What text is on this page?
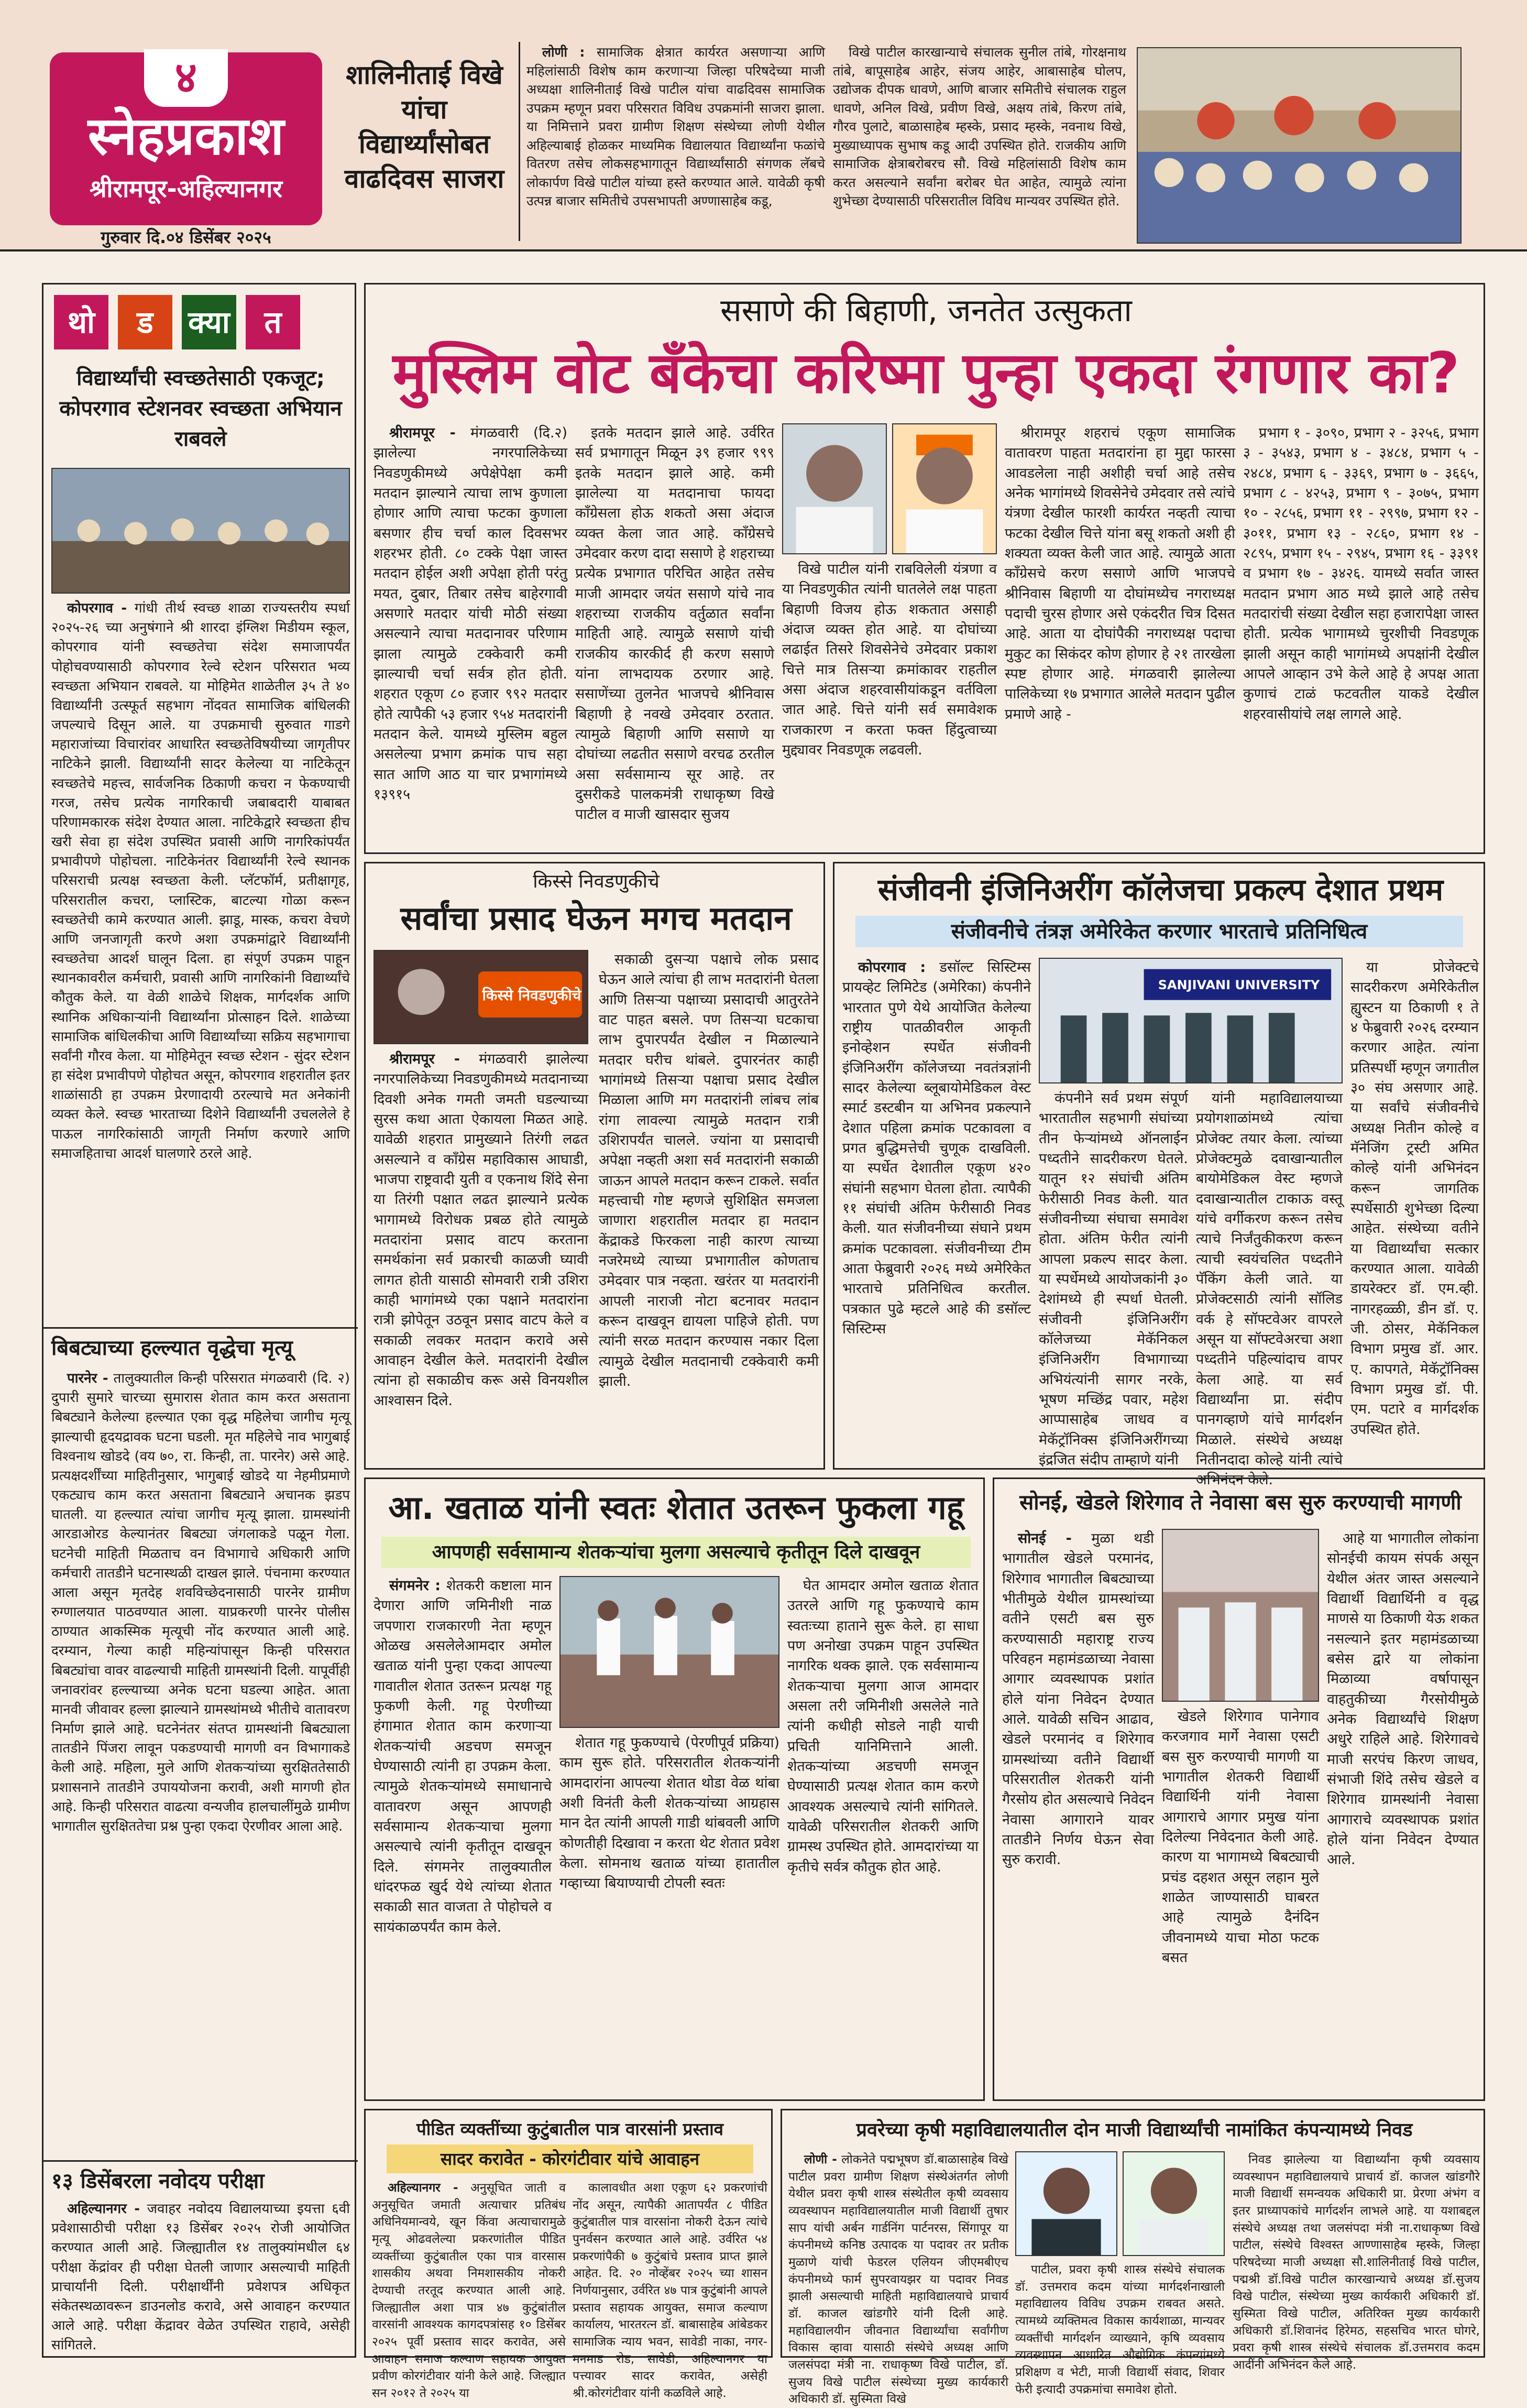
४
स्नेहप्रकाश
श्रीरामपूर-अहिल्यानगर
गुरुवार दि.०४ डिसेंबर २०२५
शालिनीताई विखे यांचा विद्यार्थ्यांसोबत वाढदिवस साजरा

लोणी : सामाजिक क्षेत्रात कार्यरत असणाऱ्या आणि महिलांसाठी विशेष काम करणाऱ्या जिल्हा परिषदेच्या माजी अध्यक्षा शालिनीताई विखे पाटील यांचा वाढदिवस सामाजिक उपक्रम म्हणून प्रवरा परिसरात विविध उपक्रमांनी साजरा झाला. या निमित्ताने प्रवरा ग्रामीण शिक्षण संस्थेच्या लोणी येथील अहिल्याबाई होळकर माध्यमिक विद्यालयात विद्यार्थ्यांना फळांचे वितरण तसेच लोकसहभागातून विद्यार्थ्यांसाठी संगणक लॅबचे लोकार्पण विखे पाटील यांच्या हस्ते करण्यात आले. यावेळी कृषी उत्पन्न बाजार समितीचे उपसभापती अण्णासाहेब कडू,

विखे पाटील कारखान्याचे संचालक सुनील तांबे, गोरक्षनाथ तांबे, बापूसाहेब आहेर, संजय आहेर, आबासाहेब घोलप, उद्योजक दीपक धावणे, आणि बाजार समितीचे संचालक राहुल धावणे, अनिल विखे, प्रवीण विखे, अक्षय तांबे, किरण तांबे, गौरव पुलाटे, बाळासाहेब म्हस्के, प्रसाद म्हस्के, नवनाथ विखे, मुख्याध्यापक सुभाष कडू आदी उपस्थित होते. राजकीय आणि सामाजिक क्षेत्राबरोबरच सौ. विखे महिलांसाठी विशेष काम करत असल्याने सर्वांना बरोबर घेत आहेत, त्यामुळे त्यांना शुभेच्छा देण्यासाठी परिसरातील विविध मान्यवर उपस्थित होते.

थो ड क्या त
विद्यार्थ्यांची स्वच्छतेसाठी एकजूट; कोपरगाव स्टेशनवर स्वच्छता अभियान राबवले

कोपरगाव - गांधी तीर्थ स्वच्छ शाळा राज्यस्तरीय स्पर्धा २०२५-२६ च्या अनुषंगाने श्री शारदा इंग्लिश मिडीयम स्कूल, कोपरगाव यांनी स्वच्छतेचा संदेश समाजापर्यंत पोहोचवण्यासाठी कोपरगाव रेल्वे स्टेशन परिसरात भव्य स्वच्छता अभियान राबवले. या मोहिमेत शाळेतील ३५ ते ४० विद्यार्थ्यांनी उत्स्फूर्त सहभाग नोंदवत सामाजिक बांधिलकी जपल्याचे दिसून आले. या उपक्रमाची सुरुवात गाडगे महाराजांच्या विचारांवर आधारित स्वच्छतेविषयीच्या जागृतीपर नाटिकेने झाली. विद्यार्थ्यांनी सादर केलेल्या या नाटिकेतून स्वच्छतेचे महत्त्व, सार्वजनिक ठिकाणी कचरा न फेकण्याची गरज, तसेच प्रत्येक नागरिकाची जबाबदारी याबाबत परिणामकारक संदेश देण्यात आला. नाटिकेद्वारे स्वच्छता हीच खरी सेवा हा संदेश उपस्थित प्रवासी आणि नागरिकांपर्यंत प्रभावीपणे पोहोचला. नाटिकेनंतर विद्यार्थ्यांनी रेल्वे स्थानक परिसराची प्रत्यक्ष स्वच्छता केली. प्लॅटफॉर्म, प्रतीक्षागृह, परिसरातील कचरा, प्लास्टिक, बाटल्या गोळा करून स्वच्छतेची कामे करण्यात आली. झाडू, मास्क, कचरा वेचणे आणि जनजागृती करणे अशा उपक्रमांद्वारे विद्यार्थ्यांनी स्वच्छतेचा आदर्श घालून दिला. हा संपूर्ण उपक्रम पाहून स्थानकावरील कर्मचारी, प्रवासी आणि नागरिकांनी विद्यार्थ्यांचे कौतुक केले. या वेळी शाळेचे शिक्षक, मार्गदर्शक आणि स्थानिक अधिकाऱ्यांनी विद्यार्थ्यांना प्रोत्साहन दिले. शाळेच्या सामाजिक बांधिलकीचा आणि विद्यार्थ्यांच्या सक्रिय सहभागाचा सर्वांनी गौरव केला. या मोहिमेतून स्वच्छ स्टेशन - सुंदर स्टेशन हा संदेश प्रभावीपणे पोहोचत असून, कोपरगाव शहरातील इतर शाळांसाठी हा उपक्रम प्रेरणादायी ठरल्याचे मत अनेकांनी व्यक्त केले. स्वच्छ भारताच्या दिशेने विद्यार्थ्यांनी उचललेले हे पाऊल नागरिकांसाठी जागृती निर्माण करणारे आणि समाजहिताचा आदर्श घालणारे ठरले आहे.

बिबट्याच्या हल्ल्यात वृद्धेचा मृत्यू

पारनेर - तालुक्यातील किन्ही परिसरात मंगळवारी (दि. २) दुपारी सुमारे चारच्या सुमारास शेतात काम करत असताना बिबट्याने केलेल्या हल्ल्यात एका वृद्ध महिलेचा जागीच मृत्यू झाल्याची हृदयद्रावक घटना घडली. मृत महिलेचे नाव भागुबाई विश्वनाथ खोडदे (वय ७०, रा. किन्ही, ता. पारनेर) असे आहे. प्रत्यक्षदर्शींच्या माहितीनुसार, भागुबाई खोडदे या नेहमीप्रमाणे एकट्याच काम करत असताना बिबट्याने अचानक झडप घातली. या हल्ल्यात त्यांचा जागीच मृत्यू झाला. ग्रामस्थांनी आरडाओरड केल्यानंतर बिबट्या जंगलाकडे पळून गेला. घटनेची माहिती मिळताच वन विभागाचे अधिकारी आणि कर्मचारी तातडीने घटनास्थळी दाखल झाले. पंचनामा करण्यात आला असून मृतदेह शवविच्छेदनासाठी पारनेर ग्रामीण रुग्णालयात पाठवण्यात आला. याप्रकरणी पारनेर पोलीस ठाण्यात आकस्मिक मृत्यूची नोंद करण्यात आली आहे. दरम्यान, गेल्या काही महिन्यांपासून किन्ही परिसरात बिबट्यांचा वावर वाढल्याची माहिती ग्रामस्थांनी दिली. यापूर्वीही जनावरांवर हल्ल्याच्या अनेक घटना घडल्या आहेत. आता मानवी जीवावर हल्ला झाल्याने ग्रामस्थांमध्ये भीतीचे वातावरण निर्माण झाले आहे. घटनेनंतर संतप्त ग्रामस्थांनी बिबट्याला तातडीने पिंजरा लावून पकडण्याची मागणी वन विभागाकडे केली आहे. महिला, मुले आणि शेतकऱ्यांच्या सुरक्षिततेसाठी प्रशासनाने तातडीने उपाययोजना करावी, अशी मागणी होत आहे. किन्ही परिसरात वाढत्या वन्यजीव हालचालींमुळे ग्रामीण भागातील सुरक्षिततेचा प्रश्न पुन्हा एकदा ऐरणीवर आला आहे.

१३ डिसेंबरला नवोदय परीक्षा

अहिल्यानगर - जवाहर नवोदय विद्यालयाच्या इयत्ता ६वी प्रवेशासाठीची परीक्षा १३ डिसेंबर २०२५ रोजी आयोजित करण्यात आली आहे. जिल्ह्यातील १४ तालुक्यांमधील ६४ परीक्षा केंद्रांवर ही परीक्षा घेतली जाणार असल्याची माहिती प्राचार्यांनी दिली. परीक्षार्थींनी प्रवेशपत्र अधिकृत संकेतस्थळावरून डाउनलोड करावे, असे आवाहन करण्यात आले आहे. परीक्षा केंद्रावर वेळेत उपस्थित राहावे, असेही सांगितले.

ससाणे की बिहाणी, जनतेत उत्सुकता
मुस्लिम वोट बँकेचा करिष्मा पुन्हा एकदा रंगणार का?

श्रीरामपूर - मंगळवारी (दि.२) झालेल्या नगरपालिकेच्या निवडणुकीमध्ये अपेक्षेपेक्षा कमी मतदान झाल्याने त्याचा लाभ कुणाला होणार आणि त्याचा फटका कुणाला बसणार हीच चर्चा काल दिवसभर शहरभर होती. ८० टक्के पेक्षा जास्त मतदान होईल अशी अपेक्षा होती परंतु मयत, दुबार, तिबार तसेच बाहेरगावी असणारे मतदार यांची मोठी संख्या असल्याने त्याचा मतदानावर परिणाम झाला त्यामुळे टक्केवारी कमी झाल्याची चर्चा सर्वत्र होत होती. शहरात एकूण ८० हजार ९९२ मतदार होते त्यापैकी ५३ हजार ९५४ मतदारांनी मतदान केले. यामध्ये मुस्लिम बहुल असलेल्या प्रभाग क्रमांक पाच सहा सात आणि आठ या चार प्रभागांमध्ये १३९१५

इतके मतदान झाले आहे. उर्वरित सर्व प्रभागातून मिळून ३९ हजार ९९९ इतके मतदान झाले आहे. कमी झालेल्या या मतदानाचा फायदा काँग्रेसला होऊ शकतो असा अंदाज व्यक्त केला जात आहे. काँग्रेसचे उमेदवार करण दादा ससाणे हे शहराच्या प्रत्येक प्रभागात परिचित आहेत तसेच माजी आमदार जयंत ससाणे यांचे नाव शहराच्या राजकीय वर्तुळात सर्वांना माहिती आहे. त्यामुळे ससाणे यांची राजकीय कारकीर्द ही करण ससाणे यांना लाभदायक ठरणार आहे. ससाणेंच्या तुलनेत भाजपचे श्रीनिवास बिहाणी हे नवखे उमेदवार ठरतात. त्यामुळे बिहाणी आणि ससाणे या दोघांच्या लढतीत ससाणे वरचढ ठरतील असा सर्वसामान्य सूर आहे. तर दुसरीकडे पालकमंत्री राधाकृष्ण विखे पाटील व माजी खासदार सुजय

विखे पाटील यांनी राबविलेली यंत्रणा व या निवडणुकीत त्यांनी घातलेले लक्ष पाहता बिहाणी विजय होऊ शकतात असाही अंदाज व्यक्त होत आहे. या दोघांच्या लढाईत तिसरे शिवसेनेचे उमेदवार प्रकाश चित्ते मात्र तिसऱ्या क्रमांकावर राहतील असा अंदाज शहरवासीयांकडून वर्तविला जात आहे. चित्ते यांनी सर्व समावेशक राजकारण न करता फक्त हिंदुत्वाच्या मुद्द्यावर निवडणूक लढवली.

श्रीरामपूर शहराचं एकूण सामाजिक वातावरण पाहता मतदारांना हा मुद्दा फारसा आवडलेला नाही अशीही चर्चा आहे तसेच अनेक भागांमध्ये शिवसेनेचे उमेदवार तसे त्यांचे यंत्रणा देखील फारशी कार्यरत नव्हती त्याचा फटका देखील चित्ते यांना बसू शकतो अशी ही शक्यता व्यक्त केली जात आहे. त्यामुळे आता काँग्रेसचे करण ससाणे आणि भाजपचे श्रीनिवास बिहाणी या दोघांमध्येच नगराध्यक्ष पदाची चुरस होणार असे एकंदरीत चित्र दिसत आहे. आता या दोघांपैकी नगराध्यक्ष पदाचा मुकुट का सिकंदर कोण होणार हे २१ तारखेला स्पष्ट होणार आहे. मंगळवारी झालेल्या पालिकेच्या १७ प्रभागात आलेले मतदान पुढील प्रमाणे आहे -

प्रभाग १ - ३०९०, प्रभाग २ - ३२५६, प्रभाग ३ - ३५४३, प्रभाग ४ - ३४८४, प्रभाग ५ - २४८४, प्रभाग ६ - ३३६९, प्रभाग ७ - ३६६५, प्रभाग ८ - ४२५३, प्रभाग ९ - ३०७५, प्रभाग १० - २८५६, प्रभाग ११ - २९९७, प्रभाग १२ - ३०११, प्रभाग १३ - २८६०, प्रभाग १४ - २८९५, प्रभाग १५ - २९४५, प्रभाग १६ - ३३९१ व प्रभाग १७ - ३४२६. यामध्ये सर्वात जास्त मतदान प्रभाग आठ मध्ये झाले आहे तसेच मतदारांची संख्या देखील सहा हजारापेक्षा जास्त होती. प्रत्येक भागामध्ये चुरशीची निवडणूक झाली असून काही भागांमध्ये अपक्षांनी देखील आपले आव्हान उभे केले आहे हे अपक्ष आता कुणाचं टाळं फटवतील याकडे देखील शहरवासीयांचे लक्ष लागले आहे.

किस्से निवडणुकीचे
सर्वांचा प्रसाद घेऊन मगच मतदान
किस्से निवडणुकीचे

श्रीरामपूर - मंगळवारी झालेल्या नगरपालिकेच्या निवडणुकीमध्ये मतदानाच्या दिवशी अनेक गमती जमती घडल्याच्या सुरस कथा आता ऐकायला मिळत आहे. यावेळी शहरात प्रामुख्याने तिरंगी लढत असल्याने व काँग्रेस महाविकास आघाडी, भाजपा राष्ट्रवादी युती व एकनाथ शिंदे सेना या तिरंगी पक्षात लढत झाल्याने प्रत्येक भागामध्ये विरोधक प्रबळ होते त्यामुळे मतदारांना प्रसाद वाटप करताना समर्थकांना सर्व प्रकारची काळजी घ्यावी लागत होती यासाठी सोमवारी रात्री उशिरा काही भागांमध्ये एका पक्षाने मतदारांना रात्री झोपेतून उठवून प्रसाद वाटप केले व सकाळी लवकर मतदान करावे असे आवाहन देखील केले. मतदारांनी देखील त्यांना हो सकाळीच करू असे विनयशील आश्वासन दिले.

सकाळी दुसऱ्या पक्षाचे लोक प्रसाद घेऊन आले त्यांचा ही लाभ मतदारांनी घेतला आणि तिसऱ्या पक्षाच्या प्रसादाची आतुरतेने वाट पाहत बसले. पण तिसऱ्या घटकाचा लाभ दुपारपर्यंत देखील न मिळाल्याने मतदार घरीच थांबले. दुपारनंतर काही भागांमध्ये तिसऱ्या पक्षाचा प्रसाद देखील मिळाला आणि मग मतदारांनी लांबच लांब रांगा लावल्या त्यामुळे मतदान रात्री उशिरापर्यंत चालले. ज्यांना या प्रसादाची अपेक्षा नव्हती अशा सर्व मतदारांनी सकाळी जाऊन आपले मतदान करून टाकले. सर्वात महत्त्वाची गोष्ट म्हणजे सुशिक्षित समजला जाणारा शहरातील मतदार हा मतदान केंद्राकडे फिरकला नाही कारण त्याच्या नजरेमध्ये त्याच्या प्रभागातील कोणताच उमेदवार पात्र नव्हता. खरंतर या मतदारांनी आपली नाराजी नोटा बटनावर मतदान करून दाखवून द्यायला पाहिजे होती. पण त्यांनी सरळ मतदान करण्यास नकार दिला त्यामुळे देखील मतदानाची टक्केवारी कमी झाली.

संजीवनी इंजिनिअरींग कॉलेजचा प्रकल्प देशात प्रथम
संजीवनीचे तंत्रज्ञ अमेरिकेत करणार भारताचे प्रतिनिधित्व

कोपरगाव : डसॉल्ट सिस्टिम्स प्रायव्हेट लिमिटेड (अमेरिका) कंपनीने भारतात पुणे येथे आयोजित केलेल्या राष्ट्रीय पातळीवरील आकृती इनोव्हेशन स्पर्धेत संजीवनी इंजिनिअरींग कॉलेजच्या नवतंत्रज्ञांनी सादर केलेल्या ब्लूबायोमेडिकल वेस्ट स्मार्ट डस्टबीन या अभिनव प्रकल्पाने देशात पहिला क्रमांक पटकावला व प्रगत बुद्धिमत्तेची चुणूक दाखविली. या स्पर्धेत देशातील एकूण ४२० संघांनी सहभाग घेतला होता. त्यापैकी ११ संघांची अंतिम फेरीसाठी निवड केली. यात संजीवनीच्या संघाने प्रथम क्रमांक पटकावला. संजीवनीच्या टीम आता फेब्रुवारी २०२६ मध्ये अमेरिकेत भारताचे प्रतिनिधित्व करतील. पत्रकात पुढे म्हटले आहे की डसॉल्ट सिस्टिम्स

SANJIVANI UNIVERSITY

कंपनीने सर्व प्रथम संपूर्ण भारतातील सहभागी संघांच्या तीन फेऱ्यांमध्ये ऑनलाईन पध्दतीने सादरीकरण घेतले. यातून १२ संघांची अंतिम फेरीसाठी निवड केली. यात संजीवनीच्या संघाचा समावेश होता. अंतिम फेरीत त्यांनी आपला प्रकल्प सादर केला. या स्पर्धेमध्ये आयोजकांनी ३० देशांमध्ये ही स्पर्धा घेतली. संजीवनी इंजिनिअरींग कॉलेजच्या मेकॅनिकल इंजिनिअरींग विभागाच्या अभियंत्यांनी सागर नरके, भूषण मच्छिंद्र पवार, महेश आप्पासाहेब जाधव व मेकॅट्रॉनिक्स इंजिनिअरींगच्या इंद्रजित संदीप ताम्हाणे यांनी

यांनी महाविद्यालयाच्या प्रयोगशाळांमध्ये त्यांचा प्रोजेक्ट तयार केला. त्यांच्या प्रोजेक्टमुळे दवाखान्यातील बायोमेडिकल वेस्ट म्हणजे दवाखान्यातील टाकाऊ वस्तू यांचे वर्गीकरण करून तसेच त्याचे निर्जंतुकीकरण करून त्याची स्वयंचलित पध्दतीने पॅकिंग केली जाते. या प्रोजेक्टसाठी त्यांनी सॉलिड वर्क हे सॉफ्टवेअर वापरले असून या सॉफ्टवेअरचा अशा पध्दतीने पहिल्यांदाच वापर केला आहे. या सर्व विद्यार्थ्यांना प्रा. संदीप पानगव्हाणे यांचे मार्गदर्शन मिळाले. संस्थेचे अध्यक्ष नितीनदादा कोल्हे यांनी त्यांचे अभिनंदन केले.

या प्रोजेक्टचे सादरीकरण अमेरिकेतील ह्युस्टन या ठिकाणी १ ते ४ फेब्रुवारी २०२६ दरम्यान करणार आहेत. त्यांना प्रतिस्पर्धी म्हणून जगातील ३० संघ असणार आहे. या सर्वांचे संजीवनीचे अध्यक्ष नितीन कोल्हे व मॅनेजिंग ट्रस्टी अमित कोल्हे यांनी अभिनंदन करून जागतिक स्पर्धेसाठी शुभेच्छा दिल्या आहेत. संस्थेच्या वतीने या विद्यार्थ्यांचा सत्कार करण्यात आला. यावेळी डायरेक्टर डॉ. एम.व्ही. नागरहळ्ळी, डीन डॉ. ए. जी. ठोसर, मेकॅनिकल विभाग प्रमुख डॉ. आर. ए. कापगते, मेकॅट्रॉनिक्स विभाग प्रमुख डॉ. पी. एम. पटारे व मार्गदर्शक उपस्थित होते.

आ. खताळ यांनी स्वतः शेतात उतरून फुकला गहू
आपणही सर्वसामान्य शेतकऱ्यांचा मुलगा असल्याचे कृतीतून दिले दाखवून

संगमनेर : शेतकरी कष्टाला मान देणारा आणि जमिनीशी नाळ जपणारा राजकारणी नेता म्हणून ओळख असलेलेआमदार अमोल खताळ यांनी पुन्हा एकदा आपल्या गावातील शेतात उतरून प्रत्यक्ष गहू फुकणी केली. गहू पेरणीच्या हंगामात शेतात काम करणाऱ्या शेतकऱ्यांची अडचण समजून घेण्यासाठी त्यांनी हा उपक्रम केला. त्यामुळे शेतकऱ्यांमध्ये समाधानाचे वातावरण असून आपणही सर्वसामान्य शेतकऱ्याचा मुलगा असल्याचे त्यांनी कृतीतून दाखवून दिले. संगमनेर तालुक्यातील धांदरफळ खुर्द येथे त्यांच्या शेतात सकाळी सात वाजता ते पोहोचले व सायंकाळपर्यंत काम केले.

शेतात गहू फुकण्याचे (पेरणीपूर्व प्रक्रिया) काम सुरू होते. परिसरातील शेतकऱ्यांनी आमदारांना आपल्या शेतात थोडा वेळ थांबा अशी विनंती केली शेतकऱ्यांच्या आग्रहास मान देत त्यांनी आपली गाडी थांबवली आणि कोणतीही दिखावा न करता थेट शेतात प्रवेश केला. सोमनाथ खताळ यांच्या हातातील गव्हाच्या बियाण्याची टोपली स्वतः

घेत आमदार अमोल खताळ शेतात उतरले आणि गहू फुकण्याचे काम स्वतःच्या हाताने सुरू केले. हा साधा पण अनोखा उपक्रम पाहून उपस्थित नागरिक थक्क झाले. एक सर्वसामान्य शेतकऱ्याचा मुलगा आज आमदार असला तरी जमिनीशी असलेले नाते त्यांनी कधीही सोडले नाही याची प्रचिती यानिमित्ताने आली. शेतकऱ्यांच्या अडचणी समजून घेण्यासाठी प्रत्यक्ष शेतात काम करणे आवश्यक असल्याचे त्यांनी सांगितले. यावेळी परिसरातील शेतकरी आणि ग्रामस्थ उपस्थित होते. आमदारांच्या या कृतीचे सर्वत्र कौतुक होत आहे.

सोनई, खेडले शिरेगाव ते नेवासा बस सुरु करण्याची मागणी

सोनई - मुळा थडी भागातील खेडले परमानंद, शिरेगाव भागातील बिबट्याच्या भीतीमुळे येथील ग्रामस्थांच्या वतीने एसटी बस सुरु करण्यासाठी महाराष्ट्र राज्य परिवहन महामंडळाच्या नेवासा आगार व्यवस्थापक प्रशांत होले यांना निवेदन देण्यात आले. यावेळी सचिन आढाव, खेडले परमानंद व शिरेगाव ग्रामस्थांच्या वतीने विद्यार्थी परिसरातील शेतकरी यांनी गैरसोय होत असल्याचे निवेदन नेवासा आगाराने यावर तातडीने निर्णय घेऊन सेवा सुरु करावी.

खेडले शिरेगाव पानेगाव करजगाव मार्गे नेवासा एसटी बस सुरु करण्याची मागणी या भागातील शेतकरी विद्यार्थी विद्यार्थिनी यांनी नेवासा आगाराचे आगार प्रमुख यांना दिलेल्या निवेदनात केली आहे. कारण या भागामध्ये बिबट्याची प्रचंड दहशत असून लहान मुले शाळेत जाण्यासाठी घाबरत आहे त्यामुळे दैनंदिन जीवनामध्ये याचा मोठा फटक बसत

आहे या भागातील लोकांना सोनईची कायम संपर्क असून येथील अंतर जास्त असल्याने विद्यार्थी विद्यार्थिनी व वृद्ध माणसे या ठिकाणी येऊ शकत नसल्याने इतर महामंडळाच्या बसेस द्वारे या लोकांना मिळाव्या वर्षापासून वाहतुकीच्या गैरसोयीमुळे अनेक विद्यार्थ्यांचे शिक्षण अधुरे राहिले आहे. शिरेगावचे माजी सरपंच किरण जाधव, संभाजी शिंदे तसेच खेडले व शिरेगाव ग्रामस्थांनी नेवासा आगाराचे व्यवस्थापक प्रशांत होले यांना निवेदन देण्यात आले.

पीडित व्यक्तींच्या कुटुंबातील पात्र वारसांनी प्रस्ताव
सादर करावेत - कोरगंटीवार यांचे आवाहन

अहिल्यानगर - अनुसूचित जाती व अनुसूचित जमाती अत्याचार प्रतिबंध अधिनियमान्वये, खून किंवा अत्याचारामुळे मृत्यू ओढवलेल्या प्रकरणांतील पीडित व्यक्तींच्या कुटुंबातील एका पात्र वारसास शासकीय अथवा निमशासकीय नोकरी देण्याची तरतूद करण्यात आली आहे. जिल्ह्यातील अशा पात्र ४७ कुटुंबांतील वारसांनी आवश्यक कागदपत्रांसह १० डिसेंबर २०२५ पूर्वी प्रस्ताव सादर करावेत, असे आवाहन समाज कल्याण सहायक आयुक्त प्रवीण कोरगंटीवार यांनी केले आहे. जिल्ह्यात सन २०१२ ते २०२५ या

कालावधीत अशा एकूण ६२ प्रकरणांची नोंद असून, त्यापैकी आतापर्यंत ८ पीडित कुटुंबातील पात्र वारसांना नोकरी देऊन त्यांचे पुनर्वसन करण्यात आले आहे. उर्वरित ५४ प्रकरणांपैकी ७ कुटुंबांचे प्रस्ताव प्राप्त झाले आहेत. दि. २० नोव्हेंबर २०२५ च्या शासन निर्णयानुसार, उर्वरित ४७ पात्र कुटुंबांनी आपले प्रस्ताव सहायक आयुक्त, समाज कल्याण कार्यालय, भारतरत्न डॉ. बाबासाहेब आंबेडकर सामाजिक न्याय भवन, सावेडी नाका, नगर-मनमाड रोड, सावेडी, अहिल्यानगर या पत्त्यावर सादर करावेत, असेही श्री.कोरगंटीवार यांनी कळविले आहे.

प्रवरेच्या कृषी महाविद्यालयातील दोन माजी विद्यार्थ्यांची नामांकित कंपन्यामध्ये निवड

लोणी - लोकनेते पद्मभूषण डॉ.बाळासाहेब विखे पाटील प्रवरा ग्रामीण शिक्षण संस्थेअंतर्गत लोणी येथील प्रवरा कृषी शास्त्र संस्थेतील कृषी व्यवसाय व्यवस्थापन महाविद्यालयातील माजी विद्यार्थी तुषार साप यांची अर्बन गार्डनिंग पार्टनरस, सिंगापूर या कंपनीमध्ये कनिष्ठ उत्पादक या पदावर तर प्रतीक मुळाणे यांची फेडरल एलियन जीएमबीएच कंपनीमध्ये फार्म सुपरवायझर या पदावर निवड झाली असल्याची माहिती महाविद्यालयाचे प्राचार्य डॉ. काजल खांडगौरे यांनी दिली आहे. महाविद्यालयीन जीवनात विद्यार्थ्यांचा सर्वांगीण विकास व्हावा यासाठी संस्थेचे अध्यक्ष आणि जलसंपदा मंत्री ना. राधाकृष्ण विखे पाटील, डॉ. सुजय विखे पाटील संस्थेच्या मुख्य कार्यकारी अधिकारी डॉ. सुस्मिता विखे

पाटील, प्रवरा कृषी शास्त्र संस्थेचे संचालक डॉ. उत्तमराव कदम यांच्या मार्गदर्शनाखाली महाविद्यालय विविध उपक्रम राबवत असते. त्यामध्ये व्यक्तिमत्व विकास कार्यशाळा, मान्यवर व्यक्तींची मार्गदर्शन व्याख्याने, कृषि व्यवसाय व्यवस्थापन आधारित औद्योगिक कंपन्यांमध्ये प्रशिक्षण व भेटी, माजी विद्यार्थी संवाद, शिवार फेरी इत्यादी उपक्रमांचा समावेश होतो.

निवड झालेल्या या विद्यार्थ्यांना कृषी व्यवसाय व्यवस्थापन महाविद्यालयाचे प्राचार्य डॉ. काजल खांडगौरे माजी विद्यार्थी समन्वयक अधिकारी प्रा. प्रेरणा अंभंग व इतर प्राध्यापकांचे मार्गदर्शन लाभले आहे. या यशाबद्दल संस्थेचे अध्यक्ष तथा जलसंपदा मंत्री ना.राधाकृष्ण विखे पाटील, संस्थेचे विश्वस्त आण्णासाहेब म्हस्के, जिल्हा परिषदेच्या माजी अध्यक्षा सौ.शालिनीताई विखे पाटील, पद्मश्री डॉ.विखे पाटील कारखान्याचे अध्यक्ष डॉ.सुजय विखे पाटील, संस्थेच्या मुख्य कार्यकारी अधिकारी डॉ. सुस्मिता विखे पाटील, अतिरिक्त मुख्य कार्यकारी अधिकारी डॉ.शिवानंद हिरेमठ, सहसचिव भारत घोगरे, प्रवरा कृषी शास्त्र संस्थेचे संचालक डॉ.उत्तमराव कदम आदींनी अभिनंदन केले आहे.
